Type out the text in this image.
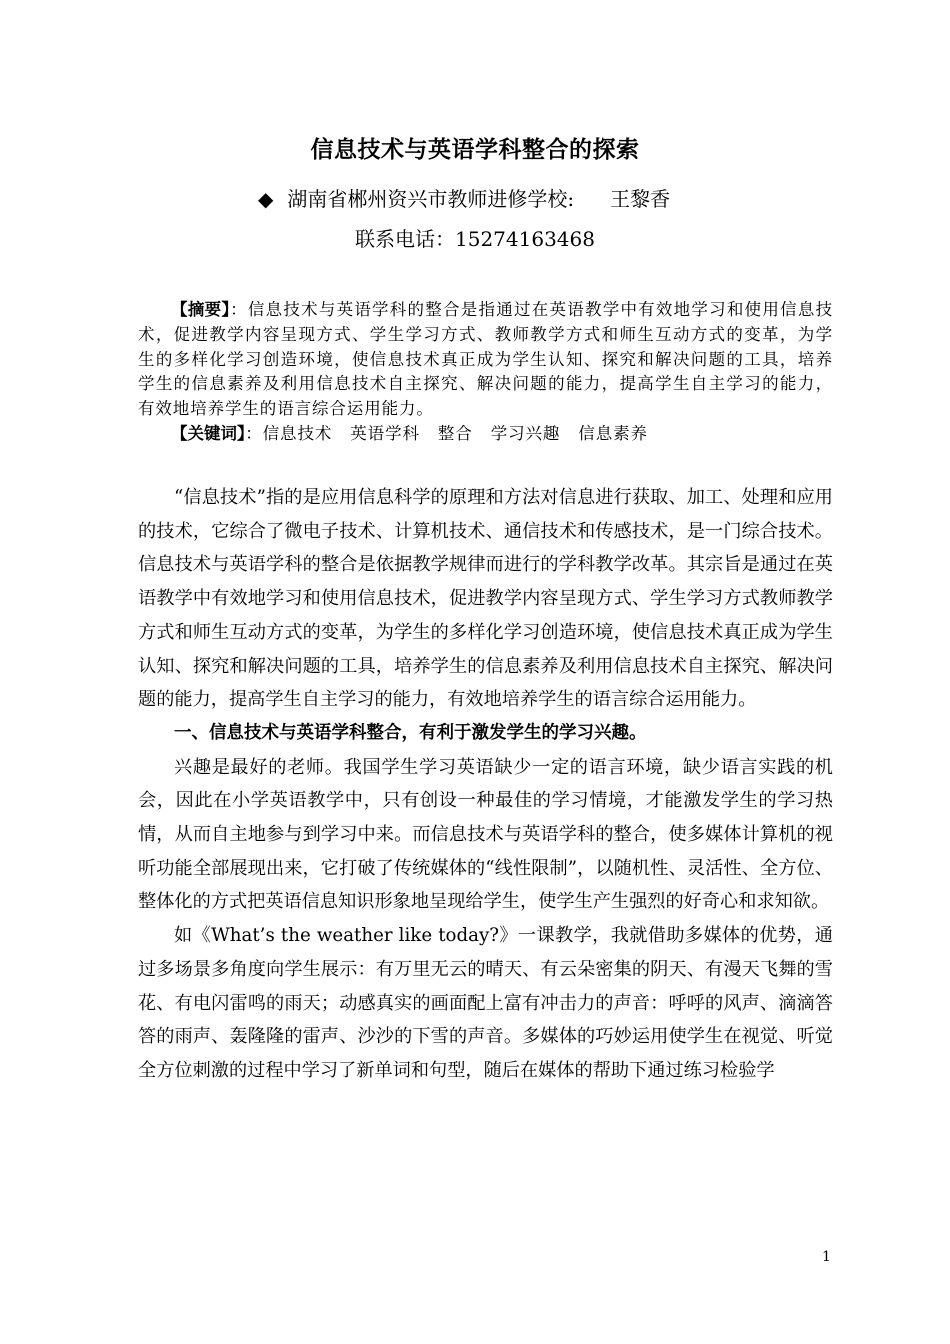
信息技术与英语学科整合的探索
◆ 湖南省郴州资兴市教师进修学校: 王黎香
联系电话：15274163468

【摘要】：信息技术与英语学科的整合是指通过在英语教学中有效地学习和使用信息技术，促进教学内容呈现方式、学生学习方式、教师教学方式和师生互动方式的变革，为学生的多样化学习创造环境，使信息技术真正成为学生认知、探究和解决问题的工具，培养学生的信息素养及利用信息技术自主探究、解决问题的能力，提高学生自主学习的能力，有效地培养学生的语言综合运用能力。

【关键词】：信息技术 英语学科 整合 学习兴趣 信息素养

“信息技术”指的是应用信息科学的原理和方法对信息进行获取、加工、处理和应用的技术，它综合了微电子技术、计算机技术、通信技术和传感技术，是一门综合技术。信息技术与英语学科的整合是依据教学规律而进行的学科教学改革。其宗旨是通过在英语教学中有效地学习和使用信息技术，促进教学内容呈现方式、学生学习方式教师教学方式和师生互动方式的变革，为学生的多样化学习创造环境，使信息技术真正成为学生认知、探究和解决问题的工具，培养学生的信息素养及利用信息技术自主探究、解决问题的能力，提高学生自主学习的能力，有效地培养学生的语言综合运用能力。

一、信息技术与英语学科整合，有利于激发学生的学习兴趣。

兴趣是最好的老师。我国学生学习英语缺少一定的语言环境，缺少语言实践的机会，因此在小学英语教学中，只有创设一种最佳的学习情境，才能激发学生的学习热情，从而自主地参与到学习中来。而信息技术与英语学科的整合，使多媒体计算机的视听功能全部展现出来，它打破了传统媒体的“线性限制”，以随机性、灵活性、全方位、整体化的方式把英语信息知识形象地呈现给学生，使学生产生强烈的好奇心和求知欲。

如《What’s the weather like today?》一课教学，我就借助多媒体的优势，通过多场景多角度向学生展示：有万里无云的晴天、有云朵密集的阴天、有漫天飞舞的雪花、有电闪雷鸣的雨天；动感真实的画面配上富有冲击力的声音：呼呼的风声、滴滴答答的雨声、轰隆隆的雷声、沙沙的下雪的声音。多媒体的巧妙运用使学生在视觉、听觉全方位刺激的过程中学习了新单词和句型，随后在媒体的帮助下通过练习检验学

1
